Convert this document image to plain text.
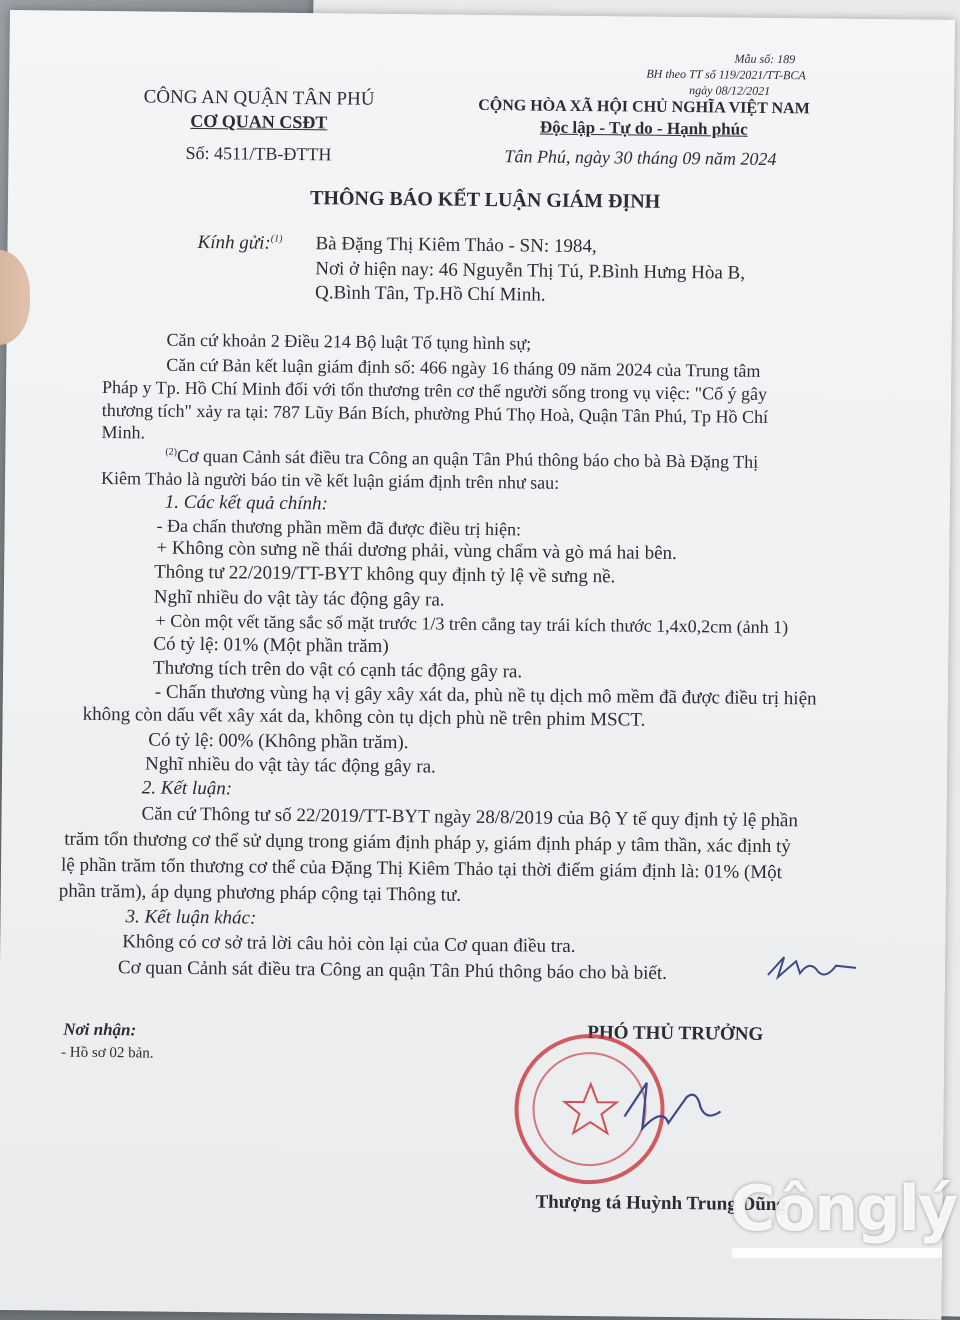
Mẫu số: 189
BH theo TT số 119/2021/TT-BCA
ngày 08/12/2021
CÔNG AN QUẬN TÂN PHÚ
CƠ QUAN CSĐT
Số: 4511/TB-ĐTTH
CỘNG HÒA XÃ HỘI CHỦ NGHĨA VIỆT NAM
Độc lập - Tự do - Hạnh phúc
Tân Phú, ngày 30 tháng 09 năm 2024
THÔNG BÁO KẾT LUẬN GIÁM ĐỊNH
Kính gửi:$^{(1)}$ Bà Đặng Thị Kiêm Thảo - SN: 1984,
Nơi ở hiện nay: 46 Nguyễn Thị Tú, P.Bình Hưng Hòa B,
Q.Bình Tân, Tp.Hồ Chí Minh.
Căn cứ khoản 2 Điều 214 Bộ luật Tố tụng hình sự;
Căn cứ Bản kết luận giám định số: 466 ngày 16 tháng 09 năm 2024 của Trung tâm
Pháp y Tp. Hồ Chí Minh đối với tổn thương trên cơ thể người sống trong vụ việc: "Cố ý gây
thương tích" xảy ra tại: 787 Lũy Bán Bích, phường Phú Thọ Hoà, Quận Tân Phú, Tp Hồ Chí
Minh.
$^{(2)}$Cơ quan Cảnh sát điều tra Công an quận Tân Phú thông báo cho bà Bà Đặng Thị
Kiêm Thảo là người báo tin về kết luận giám định trên như sau:
1. Các kết quả chính:
- Đa chấn thương phần mềm đã được điều trị hiện:
+ Không còn sưng nề thái dương phải, vùng chẩm và gò má hai bên.
Thông tư 22/2019/TT-BYT không quy định tỷ lệ về sưng nề.
Nghĩ nhiều do vật tày tác động gây ra.
+ Còn một vết tăng sắc số mặt trước 1/3 trên cẳng tay trái kích thước 1,4x0,2cm (ảnh 1)
Có tỷ lệ: 01% (Một phần trăm)
Thương tích trên do vật có cạnh tác động gây ra.
- Chấn thương vùng hạ vị gây xây xát da, phù nề tụ dịch mô mềm đã được điều trị hiện
không còn dấu vết xây xát da, không còn tụ dịch phù nề trên phim MSCT.
Có tỷ lệ: 00% (Không phần trăm).
Nghĩ nhiều do vật tày tác động gây ra.
2. Kết luận:
Căn cứ Thông tư số 22/2019/TT-BYT ngày 28/8/2019 của Bộ Y tế quy định tỷ lệ phần
trăm tổn thương cơ thể sử dụng trong giám định pháp y, giám định pháp y tâm thần, xác định tỷ
lệ phần trăm tổn thương cơ thể của Đặng Thị Kiêm Thảo tại thời điểm giám định là: 01% (Một
phần trăm), áp dụng phương pháp cộng tại Thông tư.
3. Kết luận khác:
Không có cơ sở trả lời câu hỏi còn lại của Cơ quan điều tra.
Cơ quan Cảnh sát điều tra Công an quận Tân Phú thông báo cho bà biết.
Nơi nhận:
- Hồ sơ 02 bản.
PHÓ THỦ TRƯỞNG
Thượng tá Huỳnh Trung Dũng
Cônglý
